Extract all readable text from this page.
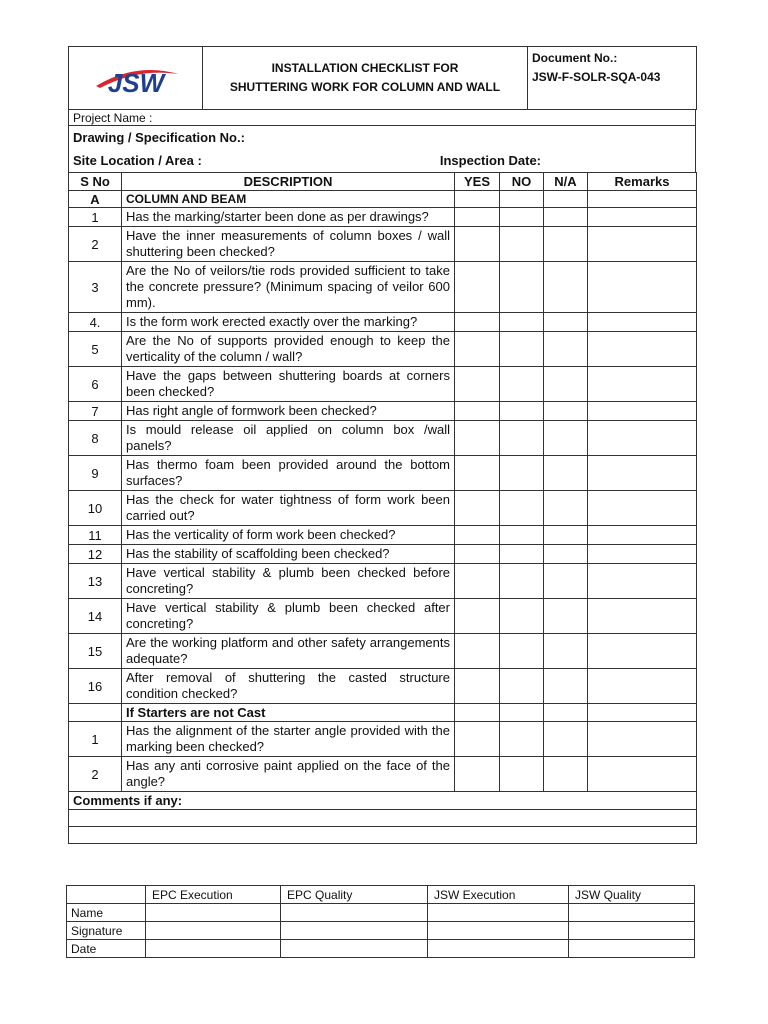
JSW	INSTALLATION CHECKLIST FOR
SHUTTERING WORK FOR COLUMN AND WALL

Document No.:
JSW-F-SOLR-SQA-043
Project Name :
Drawing / Specification No.:

Site Location / Area :	Inspection Date:
S No	DESCRIPTION	YES	NO	N/A	Remarks
A	COLUMN AND BEAM				
1	Has the marking/starter been done as per drawings?				
2	Have the inner measurements of column boxes / wall shuttering been checked?				
3	Are the No of veilors/tie rods provided sufficient to take the concrete pressure? (Minimum spacing of veilor 600 mm).				
4.	Is the form work erected exactly over the marking?				
5	Are the No of supports provided enough to keep the verticality of the column / wall?				
6	Have the gaps between shuttering boards at corners been checked?				
7	Has right angle of formwork been checked?				
8	Is mould release oil applied on column box /wall panels?				
9	Has thermo foam been provided around the bottom surfaces?				
10	Has the check for water tightness of form work been carried out?				
11	Has the verticality of form work been checked?				
12	Has the stability of scaffolding been checked?				
13	Have vertical stability & plumb been checked before concreting?				
14	Have vertical stability & plumb been checked after concreting?				
15	Are the working platform and other safety arrangements adequate?				
16	After removal of shuttering the casted structure condition checked?				
	If Starters are not Cast				
1	Has the alignment of the starter angle provided with the marking been checked?				
2	Has any anti corrosive paint applied on the face of the angle?				
Comments if any:					

	EPC Execution	EPC Quality	JSW Execution	JSW Quality
Name				
Signature				
Date				
